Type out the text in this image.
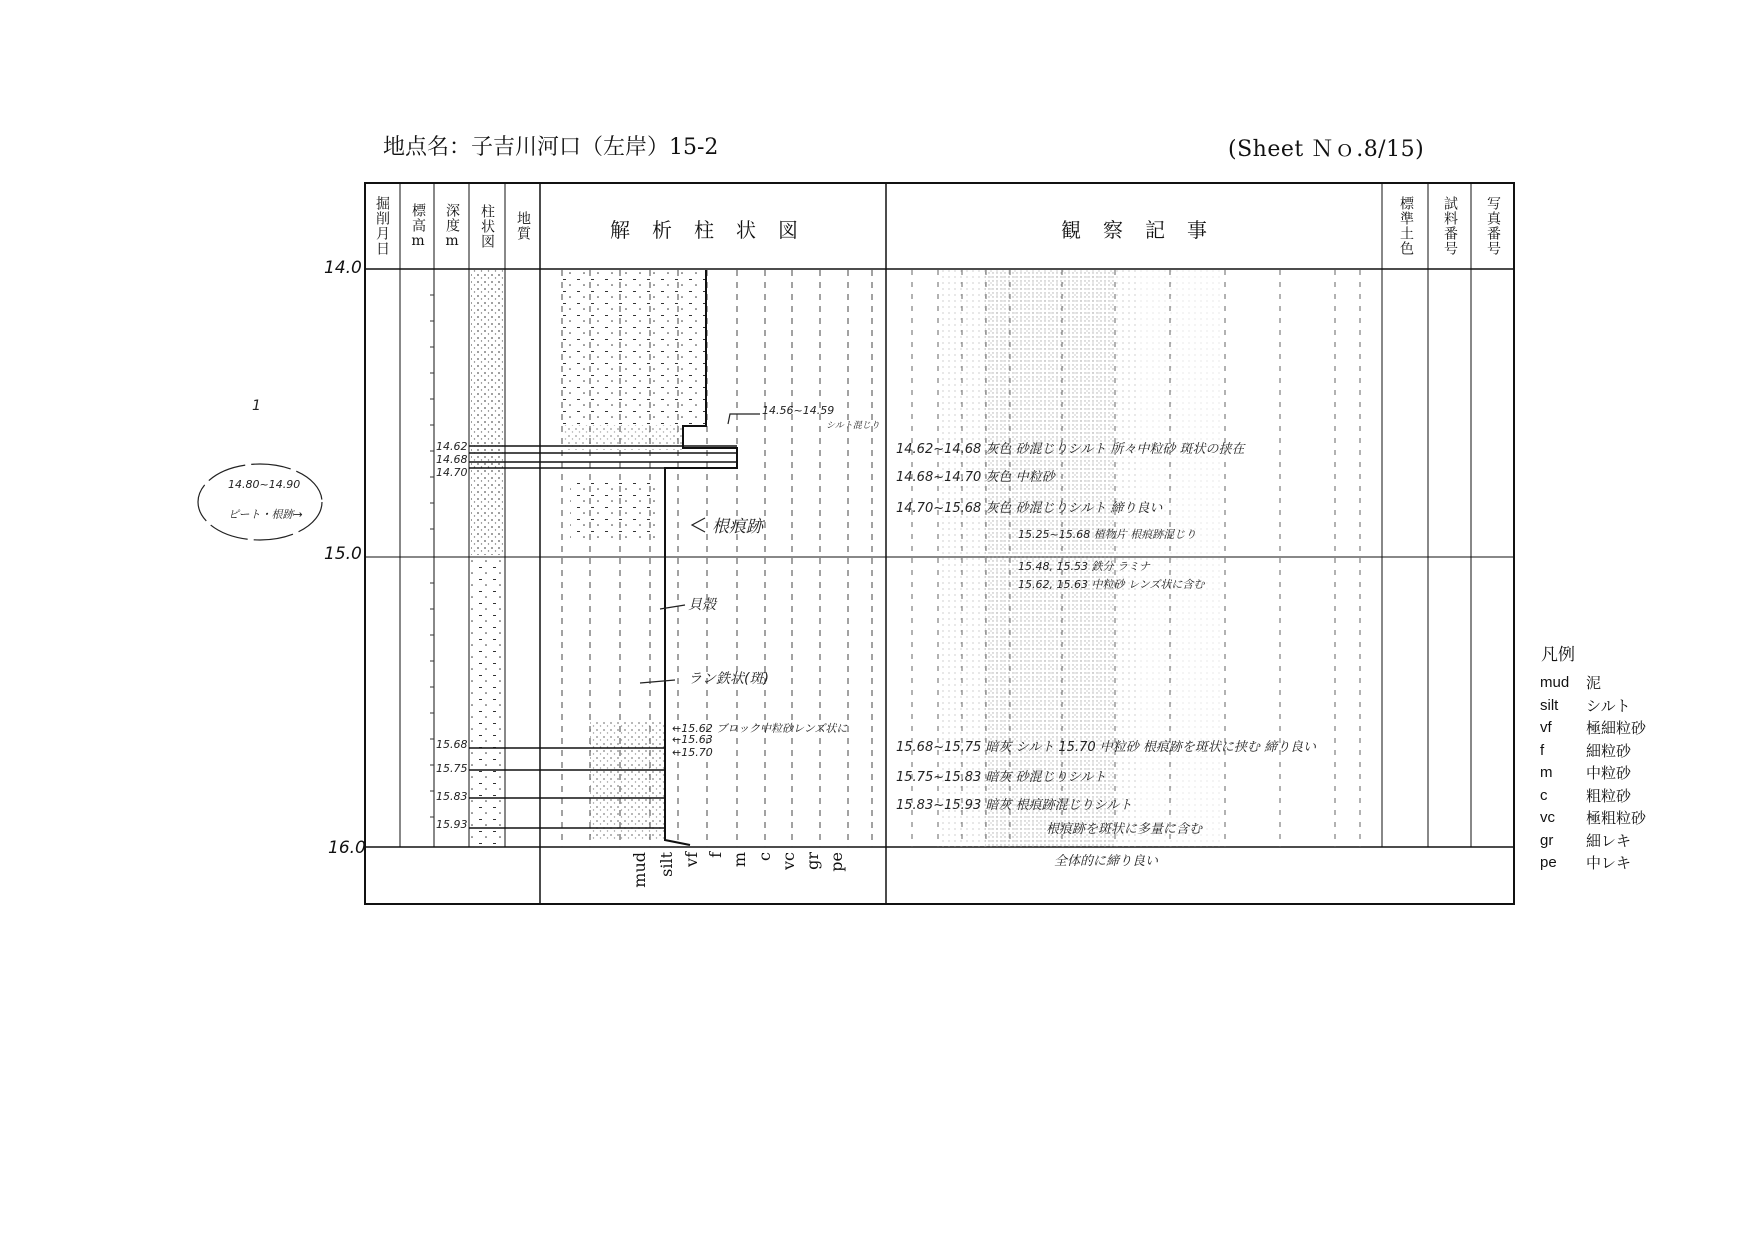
地点名：子吉川河口（左岸）15-2	(Sheet Ｎｏ.8/15)
掘削月日 標高m 深度m 柱状図 地質	解析柱状図	観察記事	標準土色 試料番号 写真番号
14.0
15.0
16.0
mud silt vf f m c vc gr pe
14.62
14.68
14.70
15.68
15.75
15.83
15.93
1
14.80~14.90
ピート・根跡→
14.56~14.59
シルト混じり
根痕跡
貝殻
ラン鉄状(斑)
←15.62 ブロック中粒砂レンズ状に
←15.63
←15.70
14.62~14.68 灰色 砂混じりシルト 所々中粒砂 斑状の挟在
14.68~14.70 灰色 中粒砂
14.70~15.68 灰色 砂混じりシルト 締り良い
15.25~15.68 植物片 根痕跡混じり
15.48, 15.53 鉄分 ラミナ
15.62, 15.63 中粒砂 レンズ状に含む
15.68~15.75 暗灰 シルト 15.70 中粒砂 根痕跡を斑状に挟む 締り良い
15.75~15.83 暗灰 砂混じりシルト
15.83~15.93 暗灰 根痕跡混じりシルト
根痕跡を斑状に多量に含む
全体的に締り良い
凡例
mud	泥
silt	シルト
vf	極細粒砂
f	細粒砂
m	中粒砂
c	粗粒砂
vc	極粗粒砂
gr	細レキ
pe	中レキ
